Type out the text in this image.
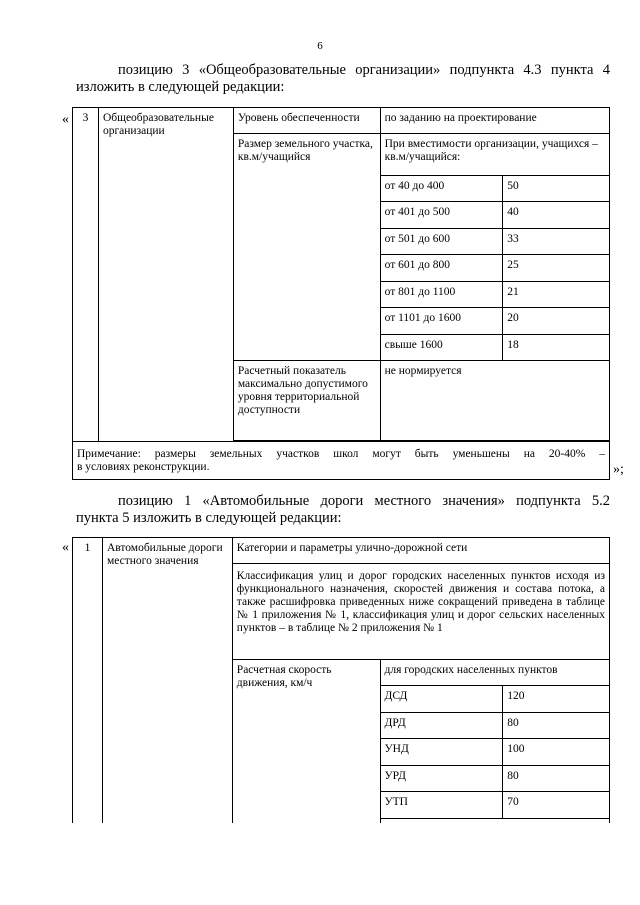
6
позицию 3 «Общеобразовательные организации» подпункта 4.3 пункта 4
изложить в следующей редакции:
«
»;
3	Общеобразовательные организации	Уровень обеспеченности	по заданию на проектирование	
		Размер земельного участка, кв.м/учащийся	При вместимости организации, учащихся – кв.м/учащийся:	
			от 40 до 400	50
			от 401 до 500	40
			от 501 до 600	33
			от 601 до 800	25
			от 801 до 1100	21
			от 1101 до 1600	20
			свыше 1600	18
		Расчетный показатель максимально допустимого уровня территориальной доступности	не нормируется	

Примечание: размеры земельных участков школ могут быть уменьшены на 20-40% –
в условиях реконструкции.				
позицию 1 «Автомобильные дороги местного значения» подпункта 5.2
пункта 5 изложить в следующей редакции:
« 1	Автомобильные дороги местного значения	Категории и параметры улично-дорожной сети		
		Классификация улиц и дорог городских населенных пунктов исходя из функционального назначения, скоростей движения и состава потока, а также расшифровка приведенных ниже сокращений приведена в таблице № 1 приложения № 1, классификация улиц и дорог сельских населенных пунктов – в таблице № 2 приложения № 1		
		Расчетная скорость движения, км/ч	для городских населенных пунктов	
			ДСД	120
			ДРД	80
			УНД	100
			УРД	80
			УТП	70
